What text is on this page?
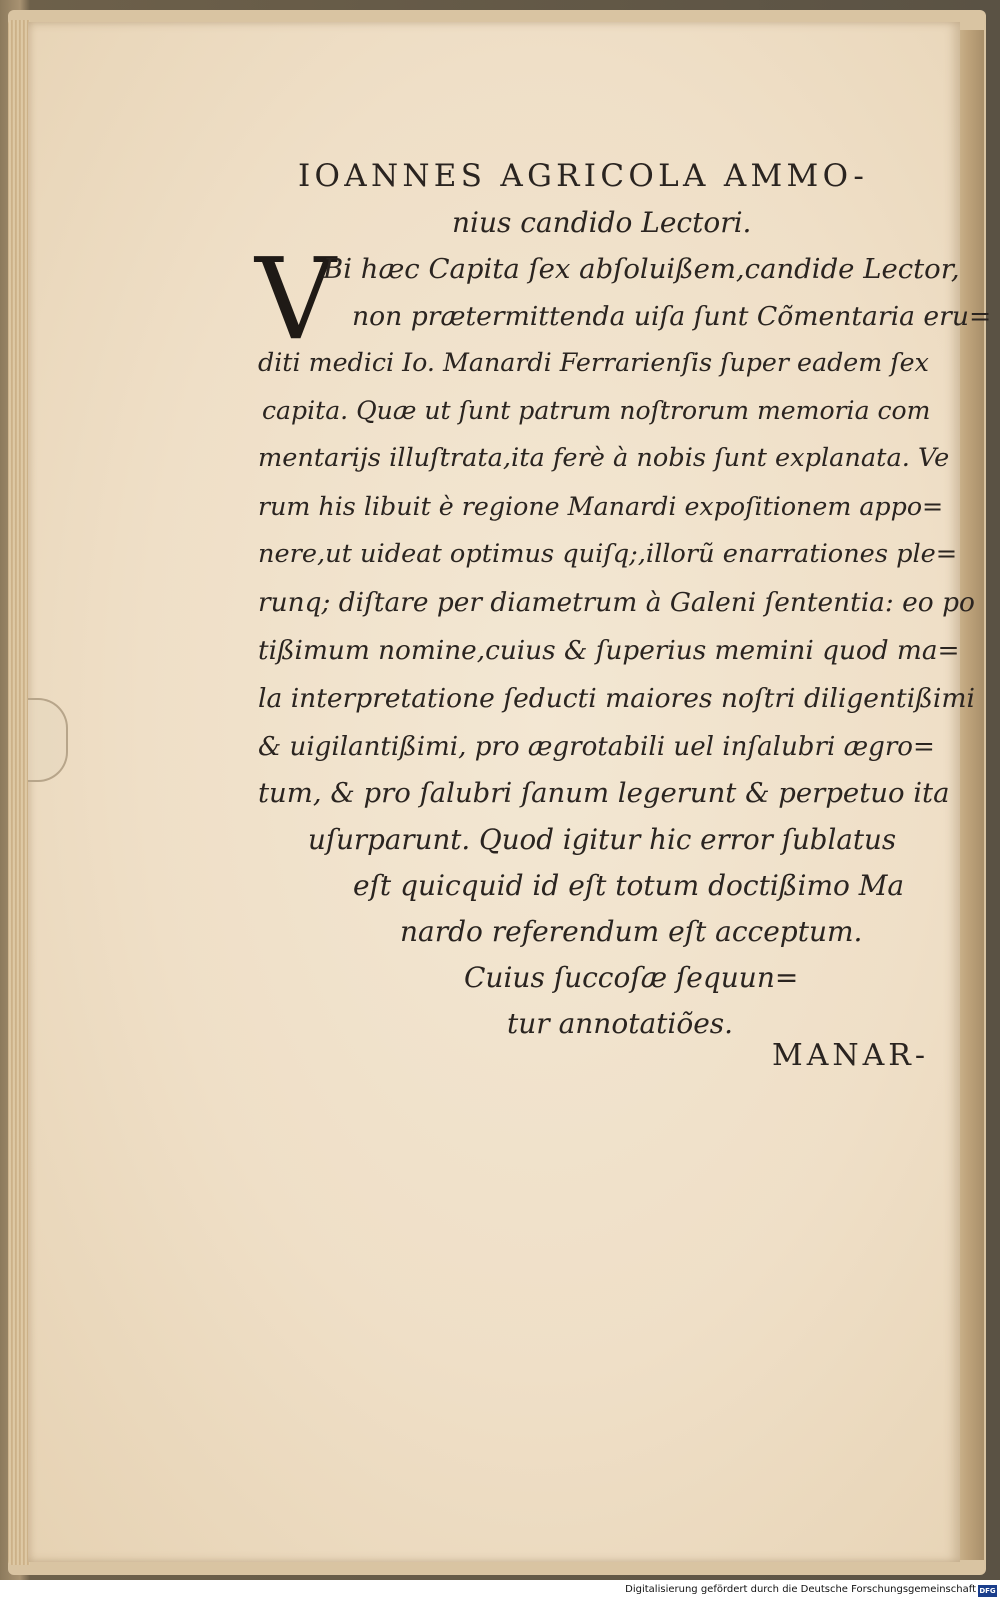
IOANNES AGRICOLA AMMO-
nius candido Lectori.
V
Bi hæc Capita ſex abſoluißem,candide Lector,
non prætermittenda uiſa ſunt Cõmentaria eru=
diti medici Io. Manardi Ferrarienſis ſuper eadem ſex
capita. Quæ ut ſunt patrum noſtrorum memoria com
mentarijs illuſtrata,ita ferè à nobis ſunt explanata. Ve
rum his libuit è regione Manardi expoſitionem appo=
nere,ut uideat optimus quiſq;,illorũ enarrationes ple=
runq; diſtare per diametrum à Galeni ſententia: eo po
tißimum nomine,cuius & ſuperius memini quod ma=
la interpretatione ſeducti maiores noſtri diligentißimi
& uigilantißimi, pro ægrotabili uel inſalubri ægro=
tum, & pro ſalubri ſanum legerunt & perpetuo ita
uſurparunt. Quod igitur hic error ſublatus
eſt quicquid id eſt totum doctißimo Ma
nardo referendum eſt acceptum.
Cuius ſuccoſæ ſequun=
tur annotatiões.
MANAR-
Digitalisierung gefördert durch die Deutsche Forschungsgemeinschaft DFG
